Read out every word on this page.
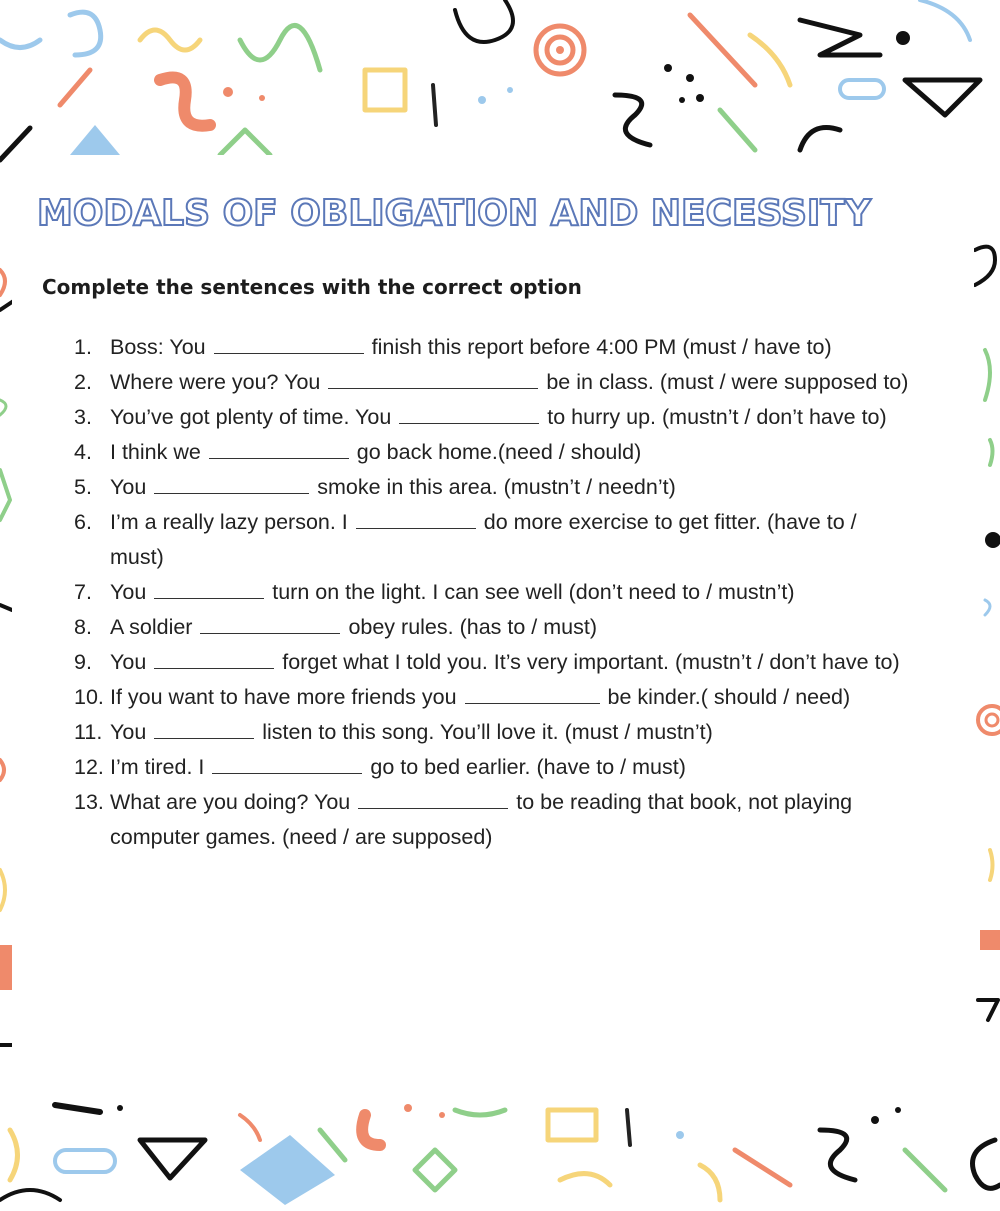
MODALS OF OBLIGATION AND NECESSITY
Complete the sentences with the correct option
1. Boss: You	finish this report before 4:00 PM (must / have to)
2. Where were you? You	be in class. (must / were supposed to)
3. You’ve got plenty of time. You	to hurry up. (mustn’t / don’t have to)
4. I think we	go back home.(need / should)
5. You	smoke in this area. (mustn’t / needn’t)
6. I’m a really lazy person. I	do more exercise to get fitter. (have to / must)
7. You	turn on the light. I can see well (don’t need to / mustn’t)
8. A soldier	obey rules. (has to / must)
9. You	forget what I told you. It’s very important. (mustn’t / don’t have to)
10. If you want to have more friends you	be kinder.( should / need)
11. You	listen to this song. You’ll love it. (must / mustn’t)
12. I’m tired. I	go to bed earlier. (have to / must)
13. What are you doing? You	to be reading that book, not playing computer games. (need / are supposed)
